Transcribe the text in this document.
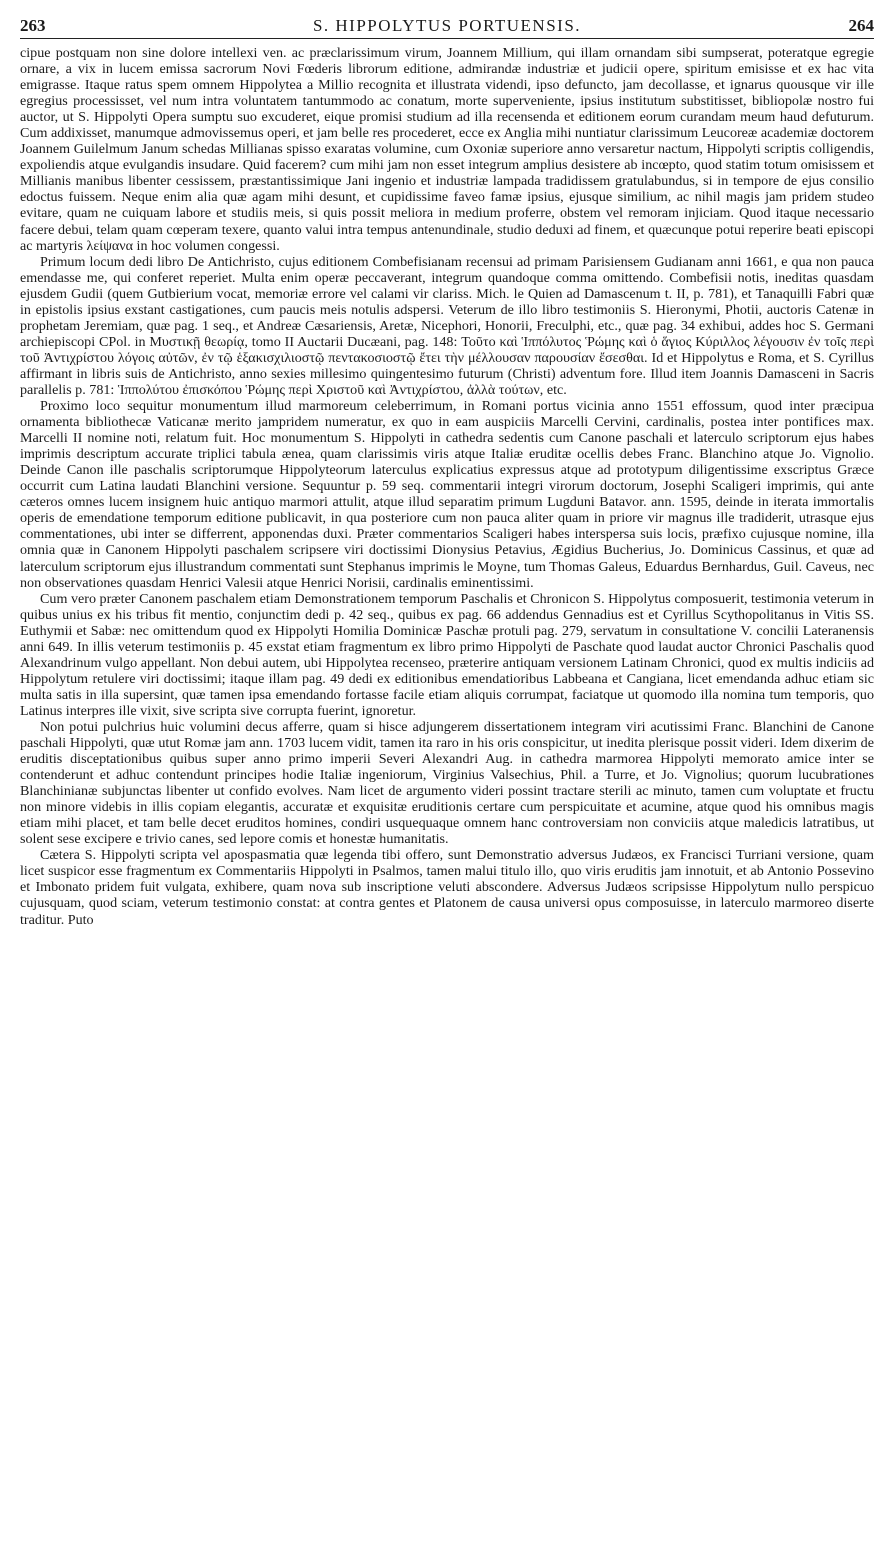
263	S. HIPPOLYTUS PORTUENSIS.	264

cipue postquam non sine dolore intellexi ven. ac præclarissimum virum, Joannem Millium, qui illam ornandam sibi sumpserat, poteratque egregie ornare, a vix in lucem emissa sacrorum Novi Fœderis librorum editione, admirandæ industriæ et judicii opere, spiritum emisisse et ex hac vita emigrasse. Itaque ratus spem omnem Hippolyteа a Millio recognita et illustrata videndi, ipso defuncto, jam decollasse, et ignarus quousque vir ille egregius processisset, vel num intra voluntatem tantummodo ac conatum, morte superveniente, ipsius institutum substitisset, bibliopolæ nostro fui auctor, ut S. Hippolyti Opera sumptu suo excuderet, eique promisi studium ad illa recensenda et editionem eorum curandam meum haud defuturum. Cum addixisset, manumque admovissemus operi, et jam belle res procederet, ecce ex Anglia mihi nuntiatur clarissimum Leucoreæ academiæ doctorem Joannem Guilelmum Janum schedas Millianas spisso exaratas volumine, cum Oxoniæ superiore anno versaretur nactum, Hippolyti scriptis colligendis, expoliendis atque evulgandis insudare. Quid facerem? cum mihi jam non esset integrum amplius desistere ab incœpto, quod statim totum omisissem et Millianis manibus libenter cessissem, præstantissimique Jani ingenio et industriæ lampada tradidissem gratulabundus, si in tempore de ejus consilio edoctus fuissem. Neque enim alia quæ agam mihi desunt, et cupidissime faveo famæ ipsius, ejusque similium, ac nihil magis jam pridem studeo evitare, quam ne cuiquam labore et studiis meis, si quis possit meliora in medium proferre, obstem vel remoram injiciam. Quod itaque necessario facere debui, telam quam cœperam texere, quanto valui intra tempus antenundinale, studio deduxi ad finem, et quæcunque potui reperire beati episcopi ac martyris λείψανα in hoc volumen congessi.

Primum locum dedi libro De Antichristo, cujus editionem Combefisianam recensui ad primam Parisiensem Gudianam anni 1661, e qua non pauca emendasse me, qui conferet reperiet. Multa enim operæ peccaverant, integrum quandoque comma omittendo. Combefisii notis, ineditas quasdam ejusdem Gudii (quem Gutbierium vocat, memoriæ errore vel calami vir clariss. Mich. le Quien ad Damascenum t. II, p. 781), et Tanaquilli Fabri quæ in epistolis ipsius exstant castigationes, cum paucis meis notulis adspersi. Veterum de illo libro testimoniis S. Hieronymi, Photii, auctoris Catenæ in prophetam Jeremiam, quæ pag. 1 seq., et Andreæ Cæsariensis, Aretæ, Nicephori, Honorii, Freculphi, etc., quæ pag. 34 exhibui, addes hoc S. Germani archiepiscopi CPol. in Μυστικῇ θεωρίᾳ, tomo II Auctarii Ducæani, pag. 148: Τοῦτο καὶ Ἱππόλυτος Ῥώμης καὶ ὁ ἅγιος Κύριλλος λέγουσιν ἐν τοῖς περὶ τοῦ Ἀντιχρίστου λόγοις αὐτῶν, ἐν τῷ ἑξακισχιλιοστῷ πεντακοσιοστῷ ἔτει τὴν μέλλουσαν παρουσίαν ἔσεσθαι. Id et Hippolytus e Roma, et S. Cyrillus affirmant in libris suis de Antichristo, anno sexies millesimo quingentesimo futurum (Christi) adventum fore. Illud item Joannis Damasceni in Sacris parallelis p. 781: Ἱππολύτου ἐπισκόπου Ῥώμης περὶ Χριστοῦ καὶ Ἀντιχρίστου, ἀλλὰ τούτων, etc.

Proximo loco sequitur monumentum illud marmoreum celeberrimum, in Romani portus vicinia anno 1551 effossum, quod inter præcipua ornamenta bibliothecæ Vaticanæ merito jampridem numeratur, ex quo in eam auspiciis Marcelli Cervini, cardinalis, postea inter pontifices max. Marcelli II nomine noti, relatum fuit. Hoc monumentum S. Hippolyti in cathedra sedentis cum Canone paschali et laterculo scriptorum ejus habes imprimis descriptum accurate triplici tabula ænea, quam clarissimis viris atque Italiæ eruditæ ocellis debes Franc. Blanchino atque Jo. Vignolio. Deinde Canon ille paschalis scriptorumque Hippolyteorum laterculus explicatius expressus atque ad prototypum diligentissime exscriptus Græce occurrit cum Latina laudati Blanchini versione. Sequuntur p. 59 seq. commentarii integri virorum doctorum, Josephi Scaligeri imprimis, qui ante cæteros omnes lucem insignem huic antiquo marmori attulit, atque illud separatim primum Lugduni Batavor. ann. 1595, deinde in iterata immortalis operis de emendatione temporum editione publicavit, in qua posteriore cum non pauca aliter quam in priore vir magnus ille tradiderit, utrasque ejus commentationes, ubi inter se differrent, apponendas duxi. Præter commentarios Scaligeri habes interspersa suis locis, præfixo cujusque nomine, illa omnia quæ in Canonem Hippolyti paschalem scripsere viri doctissimi Dionysius Petavius, Ægidius Bucherius, Jo. Dominicus Cassinus, et quæ ad laterculum scriptorum ejus illustrandum commentati sunt Stephanus imprimis le Moyne, tum Thomas Galeus, Eduardus Bernhardus, Guil. Caveus, nec non observationes quasdam Henrici Valesii atque Henrici Norisii, cardinalis eminentissimi.

Cum vero præter Canonem paschalem etiam Demonstrationem temporum Paschalis et Chronicon S. Hippolytus composuerit, testimonia veterum in quibus unius ex his tribus fit mentio, conjunctim dedi p. 42 seq., quibus ex pag. 66 addendus Gennadius est et Cyrillus Scythopolitanus in Vitis SS. Euthymii et Sabæ: nec omittendum quod ex Hippolyti Homilia Dominicæ Paschæ protuli pag. 279, servatum in consultatione V. concilii Lateranensis anni 649. In illis veterum testimoniis p. 45 exstat etiam fragmentum ex libro primo Hippolyti de Paschate quod laudat auctor Chronici Paschalis quod Alexandrinum vulgo appellant. Non debui autem, ubi Hippolytea recenseo, præterire antiquam versionem Latinam Chronici, quod ex multis indiciis ad Hippolytum retulere viri doctissimi; itaque illam pag. 49 dedi ex editionibus emendatioribus Labbeana et Cangiana, licet emendanda adhuc etiam sic multa satis in illa supersint, quæ tamen ipsa emendando fortasse facile etiam aliquis corrumpat, faciatque ut quomodo illa nomina tum temporis, quo Latinus interpres ille vixit, sive scripta sive corrupta fuerint, ignoretur.

Non potui pulchrius huic volumini decus afferre, quam si hisce adjungerem dissertationem integram viri acutissimi Franc. Blanchini de Canone paschali Hippolyti, quæ utut Romæ jam ann. 1703 lucem vidit, tamen ita raro in his oris conspicitur, ut inedita plerisque possit videri. Idem dixerim de eruditis disceptationibus quibus super anno primo imperii Severi Alexandri Aug. in cathedra marmorea Hippolyti memorato amice inter se contenderunt et adhuc contendunt principes hodie Italiæ ingeniorum, Virginius Valsechius, Phil. a Turre, et Jo. Vignolius; quorum lucubrationes Blanchinianæ subjunctas libenter ut confido evolves. Nam licet de argumento videri possint tractare sterili ac minuto, tamen cum voluptate et fructu non minore videbis in illis copiam elegantis, accuratæ et exquisitæ eruditionis certare cum perspicuitate et acumine, atque quod his omnibus magis etiam mihi placet, et tam belle decet eruditos homines, condiri usquequaque omnem hanc controversiam non conviciis atque maledicis latratibus, ut solent sese excipere e trivio canes, sed lepore comis et honestæ humanitatis.

Cætera S. Hippolyti scripta vel apospasmatia quæ legenda tibi offero, sunt Demonstratio adversus Judæos, ex Francisci Turriani versione, quam licet suspicor esse fragmentum ex Commentariis Hippolyti in Psalmos, tamen malui titulo illo, quo viris eruditis jam innotuit, et ab Antonio Possevino et Imbonato pridem fuit vulgata, exhibere, quam nova sub inscriptione veluti abscondere. Adversus Judæos scripsisse Hippolytum nullo perspicuo cujusquam, quod sciam, veterum testimonio constat: at contra gentes et Platonem de causa universi opus composuisse, in laterculo marmoreo diserte traditur. Puto
